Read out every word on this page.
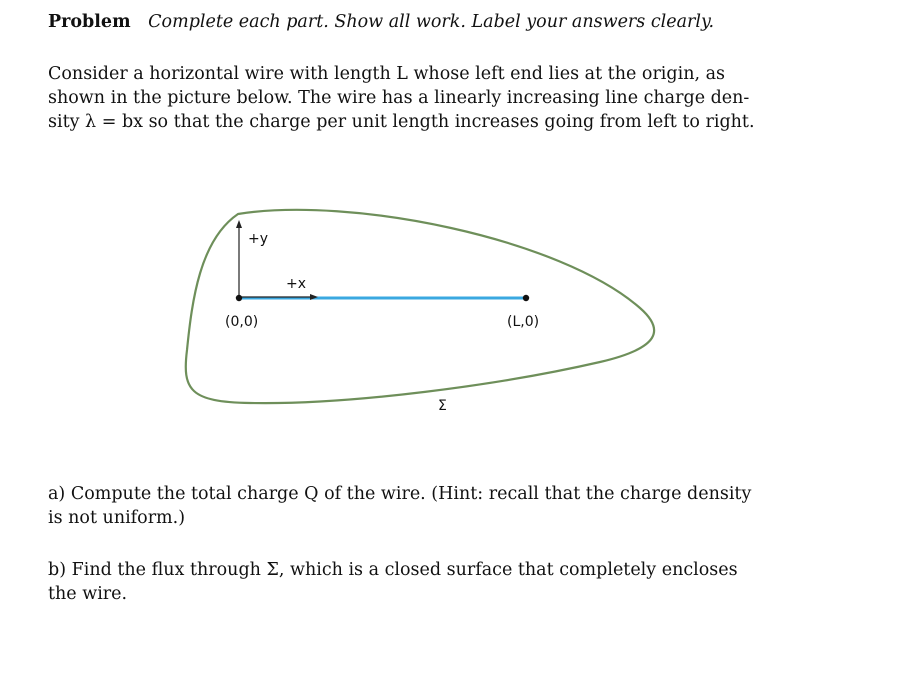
Problem Complete each part. Show all work. Label your answers clearly.
Consider a horizontal wire with length L whose left end lies at the origin, as
shown in the picture below. The wire has a linearly increasing line charge den-
sity λ = bx so that the charge per unit length increases going from left to right.
+y
+x
(0,0)	(L,0)
Σ
a) Compute the total charge Q of the wire. (Hint: recall that the charge density
is not uniform.)
b) Find the flux through Σ, which is a closed surface that completely encloses
the wire.
